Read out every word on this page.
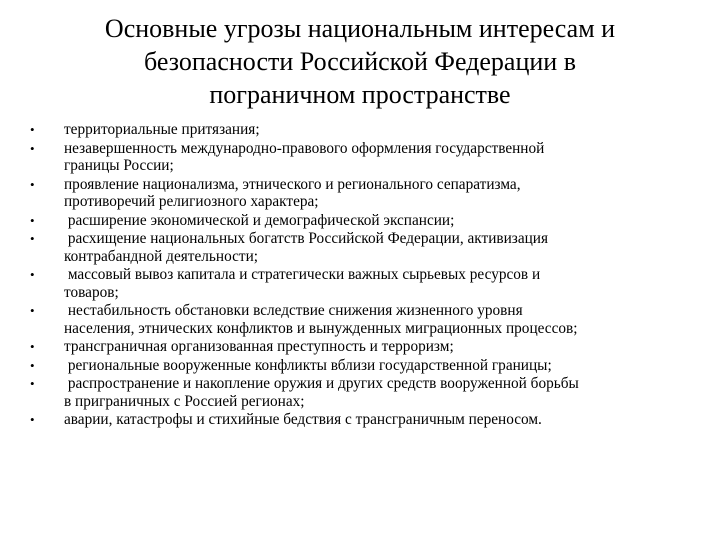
Основные угрозы национальным интересам и
безопасности Российской Федерации в
пограничном пространстве
•	территориальные притязания;
•	незавершенность международно-правового оформления государственной
границы России;
•	проявление национализма, этнического и регионального сепаратизма,
противоречий религиозного характера;
•	расширение экономической и демографической экспансии;
•	расхищение национальных богатств Российской Федерации, активизация
контрабандной деятельности;
•	массовый вывоз капитала и стратегически важных сырьевых ресурсов и
товаров;
•	нестабильность обстановки вследствие снижения жизненного уровня
населения, этнических конфликтов и вынужденных миграционных процессов;
•	трансграничная организованная преступность и терроризм;
•	региональные вооруженные конфликты вблизи государственной границы;
•	распространение и накопление оружия и других средств вооруженной борьбы
в приграничных с Россией регионах;
•	аварии, катастрофы и стихийные бедствия с трансграничным переносом.
